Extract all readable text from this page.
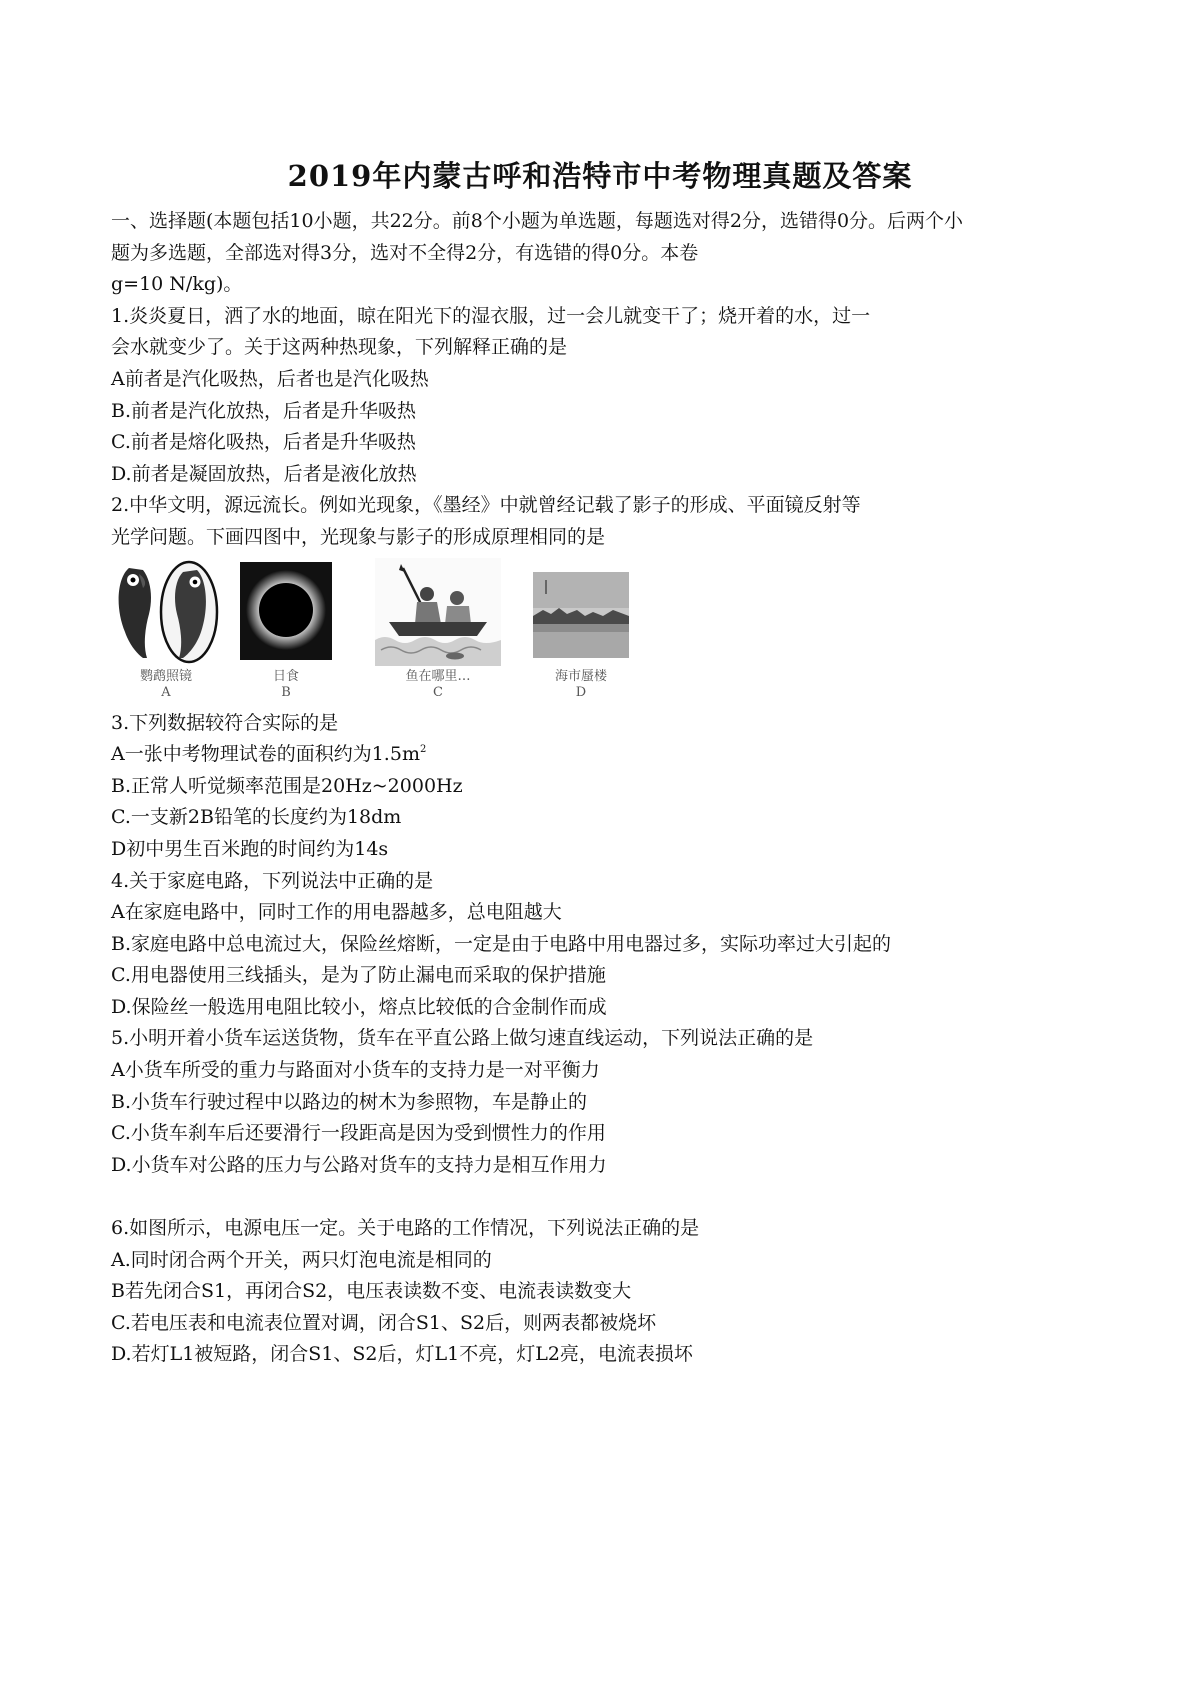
2019年内蒙古呼和浩特市中考物理真题及答案
一、选择题(本题包括10小题，共22分。前8个小题为单选题，每题选对得2分，选错得0分。后两个小
题为多选题，全部选对得3分，选对不全得2分，有选错的得0分。本卷
g=10 N/kg)。
1.炎炎夏日，洒了水的地面，晾在阳光下的湿衣服，过一会儿就变干了；烧开着的水，过一
会水就变少了。关于这两种热现象，下列解释正确的是
A前者是汽化吸热，后者也是汽化吸热
B.前者是汽化放热，后者是升华吸热
C.前者是熔化吸热，后者是升华吸热
D.前者是凝固放热，后者是液化放热
2.中华文明，源远流长。例如光现象，《墨经》中就曾经记载了影子的形成、平面镜反射等
光学问题。下画四图中，光现象与影子的形成原理相同的是
鹦鹉照镜
A
日食
B
鱼在哪里…
C
海市蜃楼
D
3.下列数据较符合实际的是
A一张中考物理试卷的面积约为$1.5m^2$
B.正常人听觉频率范围是20Hz~2000Hz
C.一支新2B铅笔的长度约为18dm
D初中男生百米跑的时间约为14s
4.关于家庭电路，下列说法中正确的是
A在家庭电路中，同时工作的用电器越多，总电阻越大
B.家庭电路中总电流过大，保险丝熔断，一定是由于电路中用电器过多，实际功率过大引起的
C.用电器使用三线插头，是为了防止漏电而采取的保护措施
D.保险丝一般选用电阻比较小，熔点比较低的合金制作而成
5.小明开着小货车运送货物，货车在平直公路上做匀速直线运动，下列说法正确的是
A小货车所受的重力与路面对小货车的支持力是一对平衡力
B.小货车行驶过程中以路边的树木为参照物，车是静止的
C.小货车刹车后还要滑行一段距高是因为受到惯性力的作用
D.小货车对公路的压力与公路对货车的支持力是相互作用力
6.如图所示，电源电压一定。关于电路的工作情况，下列说法正确的是
A.同时闭合两个开关，两只灯泡电流是相同的
B若先闭合S1，再闭合S2，电压表读数不变、电流表读数变大
C.若电压表和电流表位置对调，闭合S1、S2后，则两表都被烧坏
D.若灯L1被短路，闭合S1、S2后，灯L1不亮，灯L2亮，电流表损坏
